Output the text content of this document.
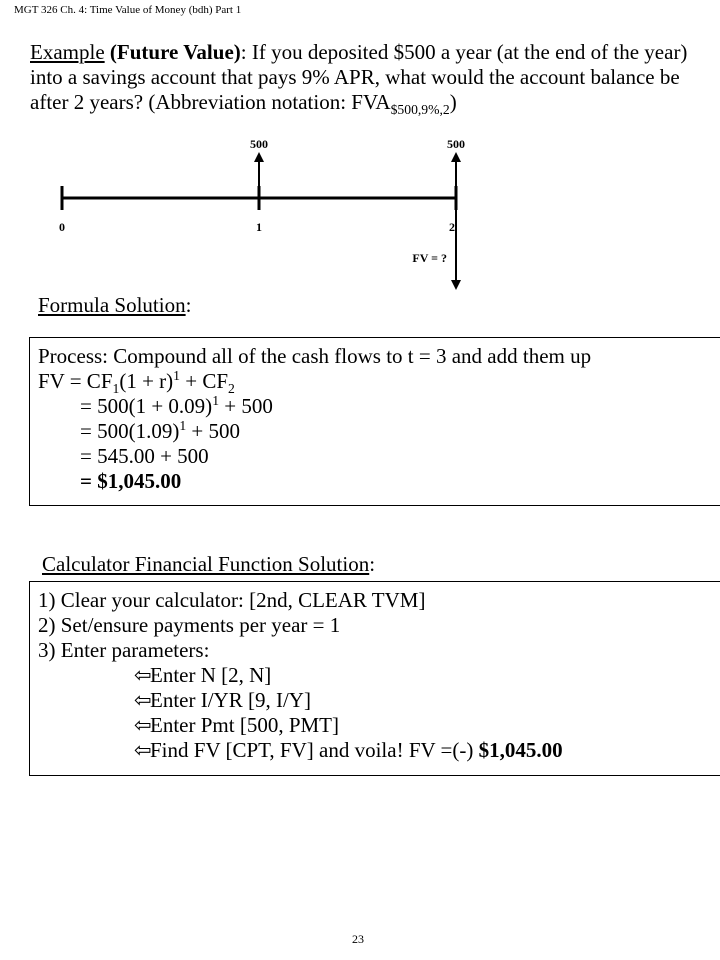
MGT 326 Ch. 4: Time Value of Money (bdh) Part 1
Example (Future Value): If you deposited $500 a year (at the end of the year) into a savings account that pays 9% APR, what would the account balance be after 2 years? (Abbreviation notation: $FVA_{\$500,9\%,2}$)
500	500
0	1	2
FV = ?
Formula Solution:
Process: Compound all of the cash flows to t = 3 and add them up
FV = $CF_1(1 + r)^1 + CF_2$
= $500(1 + 0.09)^1 + 500$
= $500(1.09)^1 + 500$
= 545.00 + 500
= $1,045.00
Calculator Financial Function Solution:
1) Clear your calculator: [2nd, CLEAR TVM]
2) Set/ensure payments per year = 1
3) Enter parameters:
⇦Enter N [2, N]
⇦Enter I/YR [9, I/Y]
⇦Enter Pmt [500, PMT]
⇦Find FV [CPT, FV] and voila! FV =(-) $1,045.00
23
